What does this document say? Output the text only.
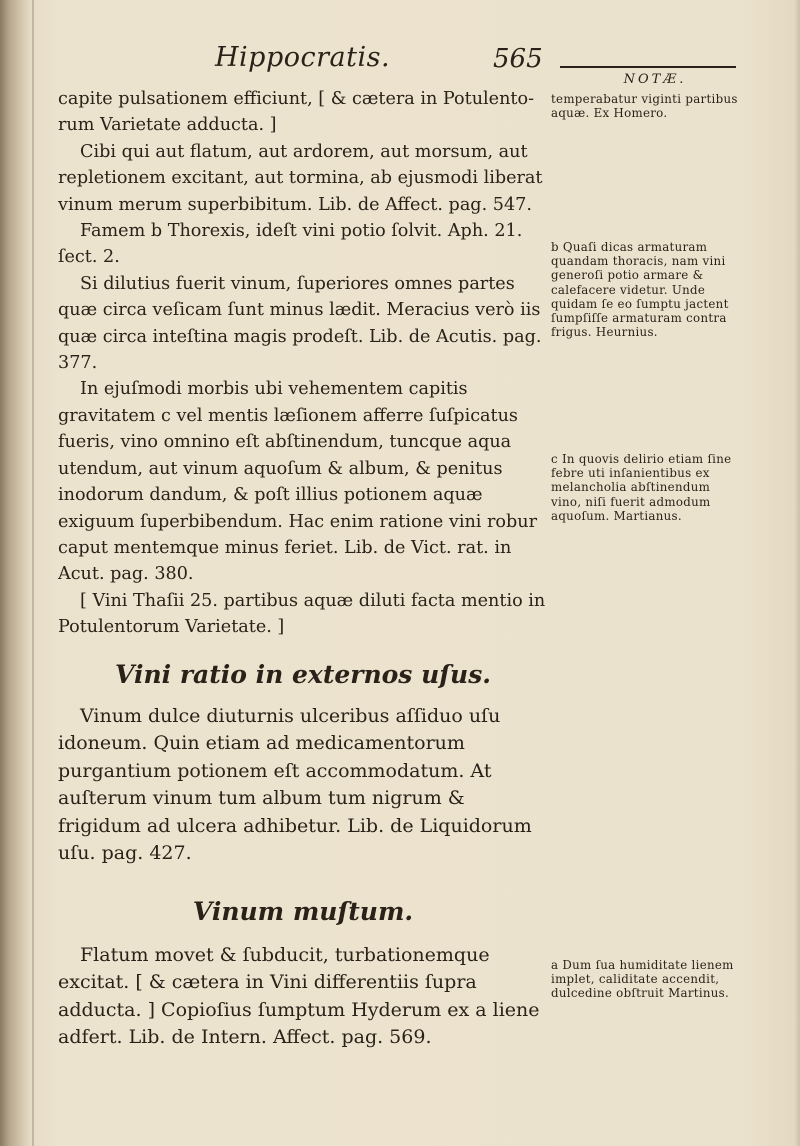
Hippocratis.	565
NOTÆ.

capite pulsationem efficiunt, [ & cætera in Potulento- rum Varietate adducta. ]

Cibi qui aut flatum, aut ardorem, aut morsum, aut repletionem excitant, aut tormina, ab ejusmodi liberat vinum merum superbibitum. Lib. de Affect. pag. 547.

Famem b Thorexis, ideſt vini potio ſolvit. Aph. 21. ſect. 2.

Si dilutius fuerit vinum, ſuperiores omnes partes quæ circa veſicam ſunt minus lædit. Meracius verò iis quæ circa inteſtina magis prodeſt. Lib. de Acutis. pag. 377.

In ejuſmodi morbis ubi vehementem capitis gravitatem c vel mentis læſionem afferre ſuſpicatus fueris, vino omnino eſt abſtinendum, tuncque aqua utendum, aut vinum aquoſum & album, & penitus inodorum dandum, & poſt illius potionem aquæ exiguum ſuperbibendum. Hac enim ratione vini robur caput mentemque minus feriet. Lib. de Vict. rat. in Acut. pag. 380.

[ Vini Thaſii 25. partibus aquæ diluti facta mentio in Potulentorum Varietate. ]

Vini ratio in externos uſus.

Vinum dulce diuturnis ulceribus aſſiduo uſu idoneum. Quin etiam ad medicamentorum purgantium potionem eſt accommodatum. At auſterum vinum tum album tum nigrum & frigidum ad ulcera adhibetur. Lib. de Liquidorum uſu. pag. 427.

Vinum muſtum.

Flatum movet & ſubducit, turbationemque excitat. [ & cætera in Vini differentiis ſupra adducta. ] Copioſius ſumptum Hyderum ex a liene adfert. Lib. de Intern. Affect. pag. 569.

temperabatur viginti partibus aquæ. Ex Homero.

b Quaſi dicas armaturam quandam thoracis, nam vini generoſi potio armare & calefacere videtur. Unde quidam ſe eo ſumptu jactent ſumpſiſſe armaturam contra frigus. Heurnius.

c In quovis delirio etiam ſine febre uti inſanientibus ex melancholia abſtinendum vino, niſi fuerit admodum aquoſum. Martianus.

a Dum ſua humiditate lienem implet, caliditate accendit, dulcedine obſtruit Martinus.
